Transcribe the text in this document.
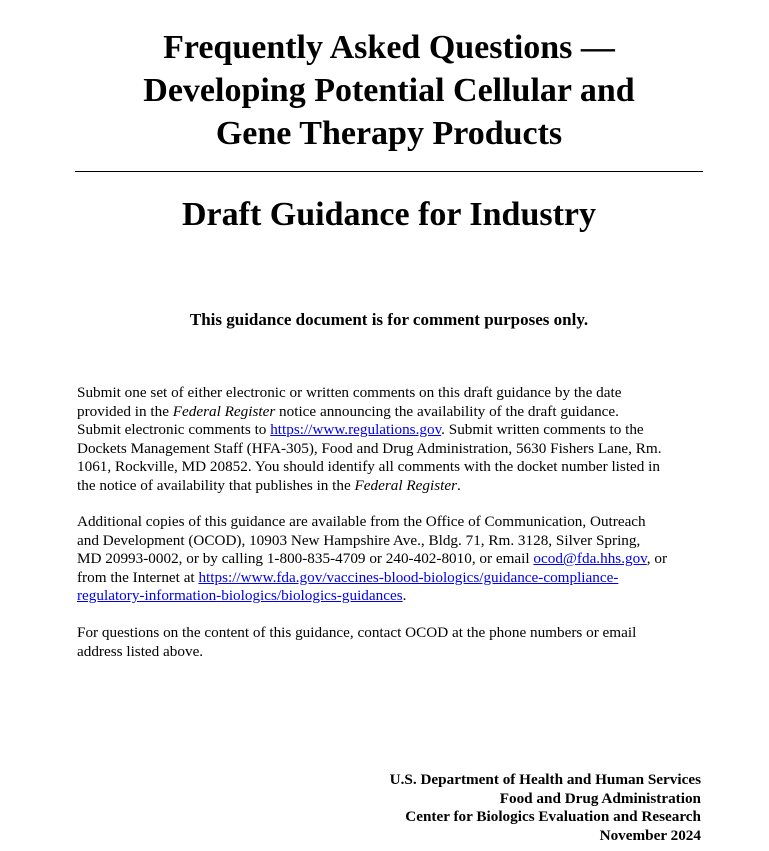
Frequently Asked Questions —
Developing Potential Cellular and
Gene Therapy Products
Draft Guidance for Industry

This guidance document is for comment purposes only.

Submit one set of either electronic or written comments on this draft guidance by the date
provided in the Federal Register notice announcing the availability of the draft guidance.
Submit electronic comments to https://www.regulations.gov. Submit written comments to the
Dockets Management Staff (HFA-305), Food and Drug Administration, 5630 Fishers Lane, Rm.
1061, Rockville, MD 20852. You should identify all comments with the docket number listed in
the notice of availability that publishes in the Federal Register.

Additional copies of this guidance are available from the Office of Communication, Outreach
and Development (OCOD), 10903 New Hampshire Ave., Bldg. 71, Rm. 3128, Silver Spring,
MD 20993-0002, or by calling 1-800-835-4709 or 240-402-8010, or email ocod@fda.hhs.gov, or
from the Internet at https://www.fda.gov/vaccines-blood-biologics/guidance-compliance-
regulatory-information-biologics/biologics-guidances.

For questions on the content of this guidance, contact OCOD at the phone numbers or email
address listed above.

U.S. Department of Health and Human Services
Food and Drug Administration
Center for Biologics Evaluation and Research
November 2024
